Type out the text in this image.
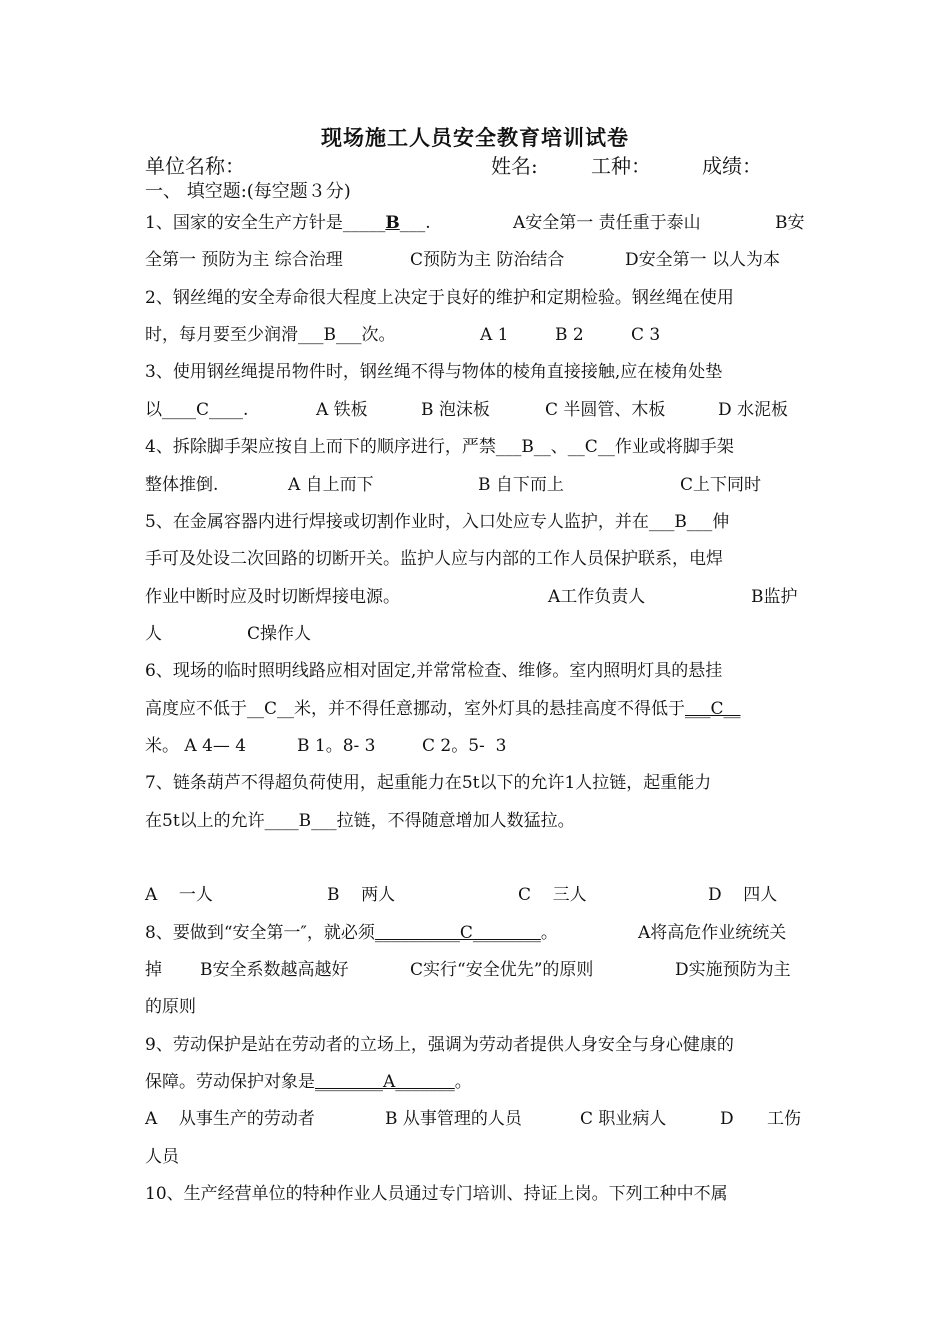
现场施工人员安全教育培训试卷
单位名称：	姓名:	工种：	成绩：
一、 填空题:(每空题３分)
1、国家的安全生产方针是_____B___.	A安全第一 责任重于泰山	B安
全第一 预防为主 综合治理	C预防为主 防治结合	D安全第一 以人为本
2、钢丝绳的安全寿命很大程度上决定于良好的维护和定期检验。钢丝绳在使用
时，每月要至少润滑___B___次。	A 1	B 2	C 3
3、使用钢丝绳提吊物件时，钢丝绳不得与物体的棱角直接接触,应在棱角处垫
以____C____.	A 铁板	B 泡沫板	C 半圆管、木板	D 水泥板
4、拆除脚手架应按自上而下的顺序进行，严禁___B__、__C__作业或将脚手架
整体推倒.	A 自上而下	B 自下而上	C上下同时
5、在金属容器内进行焊接或切割作业时，入口处应专人监护，并在___B___伸
手可及处设二次回路的切断开关。监护人应与内部的工作人员保护联系，电焊
作业中断时应及时切断焊接电源。	A工作负责人	B监护
人	C操作人
6、现场的临时照明线路应相对固定,并常常检查、维修。室内照明灯具的悬挂
高度应不低于__C__米，并不得任意挪动，室外灯具的悬挂高度不得低于___C__
米。 A 4— 4	B 1。8- 3	C 2。5-  3
7、链条葫芦不得超负荷使用，起重能力在5t以下的允许1人拉链，起重能力
在5t以上的允许____B___拉链，不得随意增加人数猛拉。
A    一人	B    两人	C    三人	D    四人
8、要做到“安全第一″，就必须__________C________。	A将高危作业统统关
掉 B安全系数越高越好	C实行“安全优先”的原则	D实施预防为主
的原则
9、劳动保护是站在劳动者的立场上，强调为劳动者提供人身安全与身心健康的
保障。劳动保护对象是________A_______。
A    从事生产的劳动者	B 从事管理的人员	C 职业病人	D 工伤
人员
10、生产经营单位的特种作业人员通过专门培训、持证上岗。下列工种中不属
